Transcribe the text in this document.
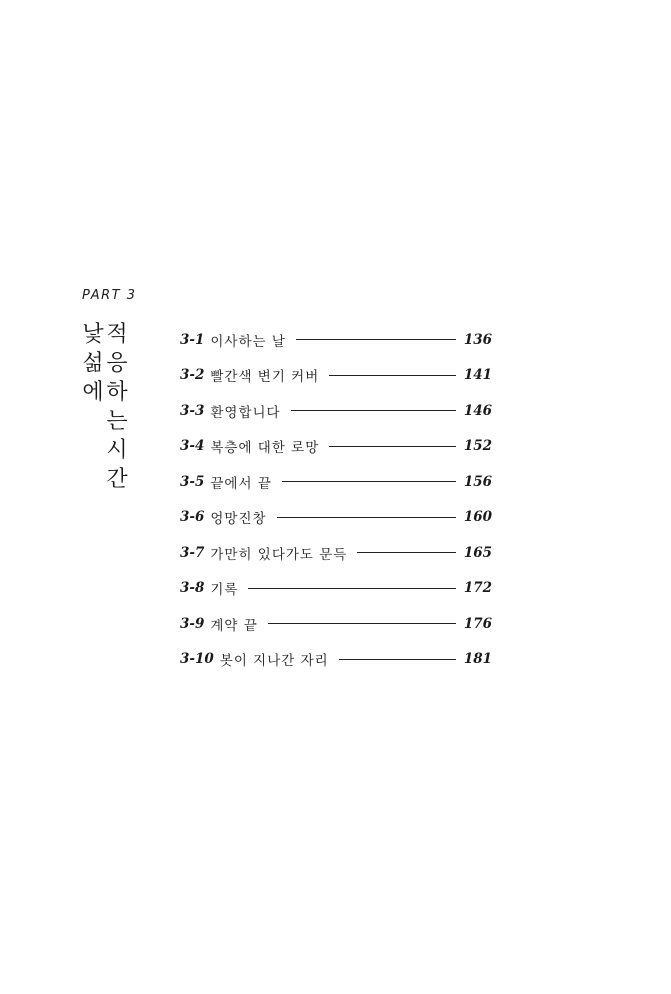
PART 3
낯
섦
에
적
응
하
는
시
간
3-1 이사하는 날	136
3-2 빨간색 변기 커버	141
3-3 환영합니다	146
3-4 복층에 대한 로망	152
3-5 끝에서 끝	156
3-6 엉망진창	160
3-7 가만히 있다가도 문득	165
3-8 기록	172
3-9 계약 끝	176
3-10 봇이 지나간 자리	181
